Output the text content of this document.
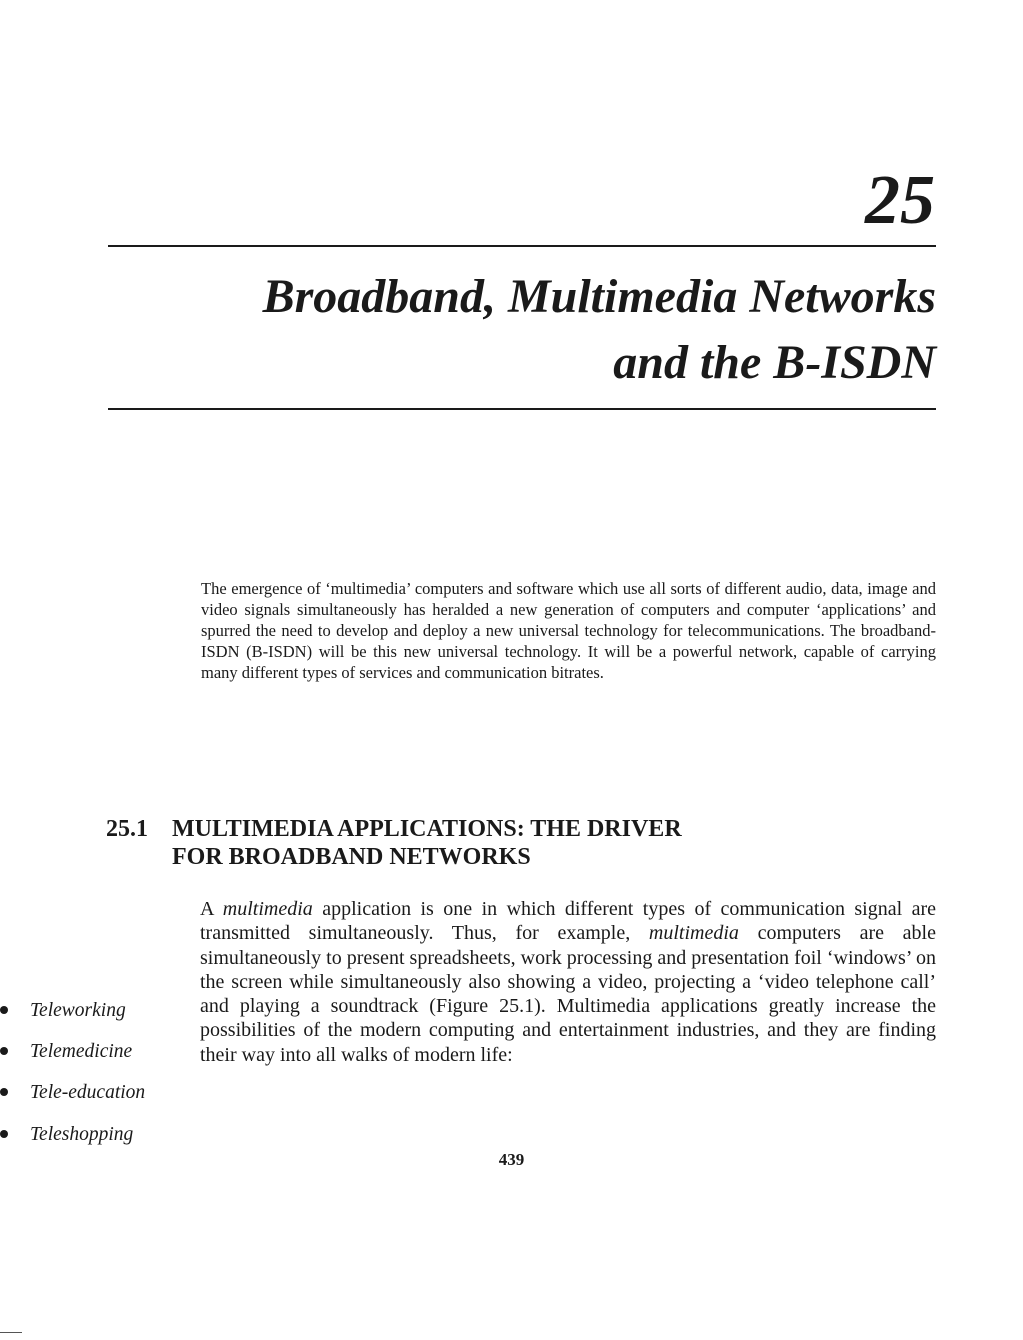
25
Broadband, Multimedia Networks
and the B-ISDN

The emergence of ‘multimedia’ computers and software which use all sorts of different audio, data, image and video signals simultaneously has heralded a new generation of computers and computer ‘applications’ and spurred the need to develop and deploy a new universal technology for telecommunications. The broadband-ISDN (B-ISDN) will be this new universal technology. It will be a powerful network, capable of carrying many different types of services and communication bitrates.

25.1 MULTIMEDIA APPLICATIONS: THE DRIVER
FOR BROADBAND NETWORKS

A multimedia application is one in which different types of communication signal are transmitted simultaneously. Thus, for example, multimedia computers are able simultaneously to present spreadsheets, work processing and presentation foil ‘windows’ on the screen while simultaneously also showing a video, projecting a ‘video telephone call’ and playing a soundtrack (Figure 25.1). Multimedia applications greatly increase the possibilities of the modern computing and entertainment industries, and they are finding their way into all walks of modern life:

Teleworking
Telemedicine
Tele-education
Teleshopping
439
